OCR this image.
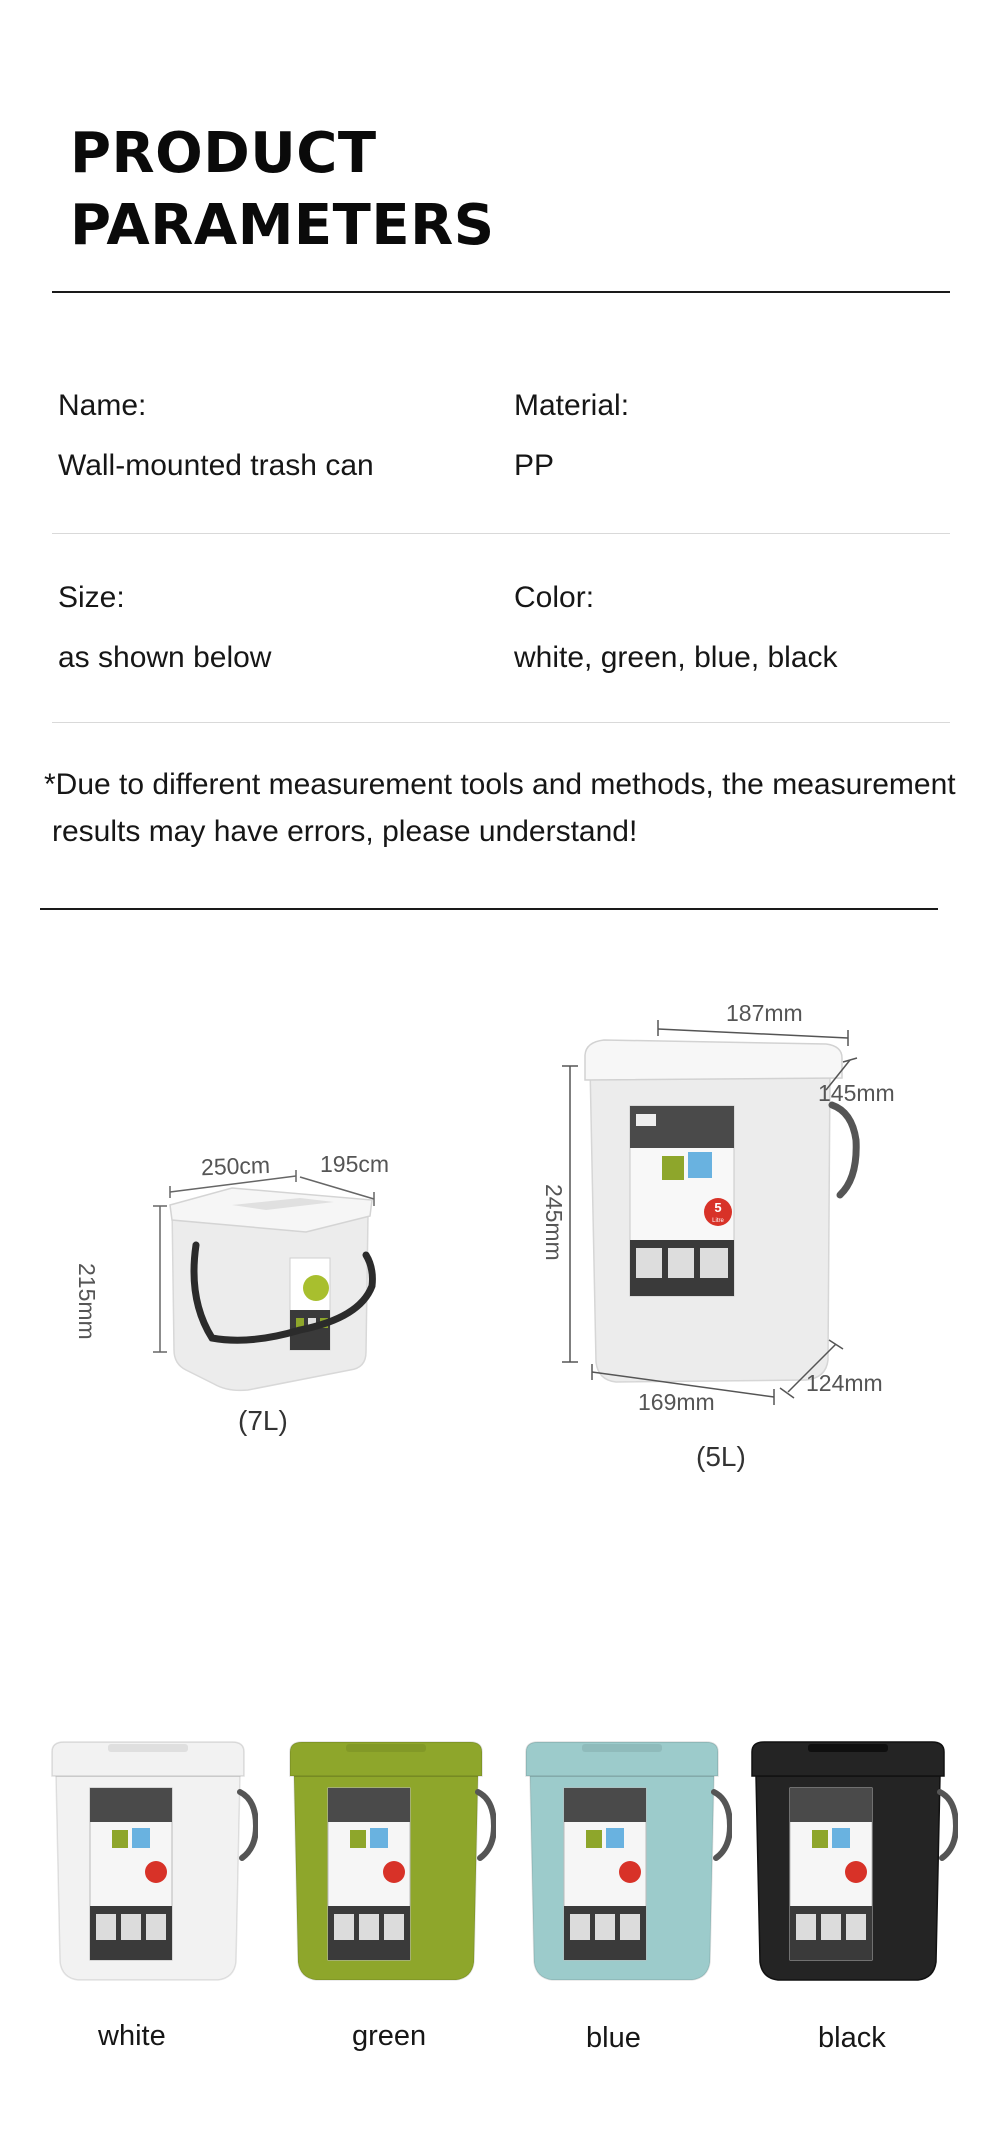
PRODUCT
PARAMETERS
Name:
Wall-mounted trash can
Material:
PP
Size:
as shown below
Color:
white, green, blue, black
*Due to different measurement tools and methods, the measurement
results may have errors, please understand!
250cm 195cm
215mm
(7L)
5
Litre
187mm
145mm
245mm
169mm
124mm
(5L)
white	green	blue	black
